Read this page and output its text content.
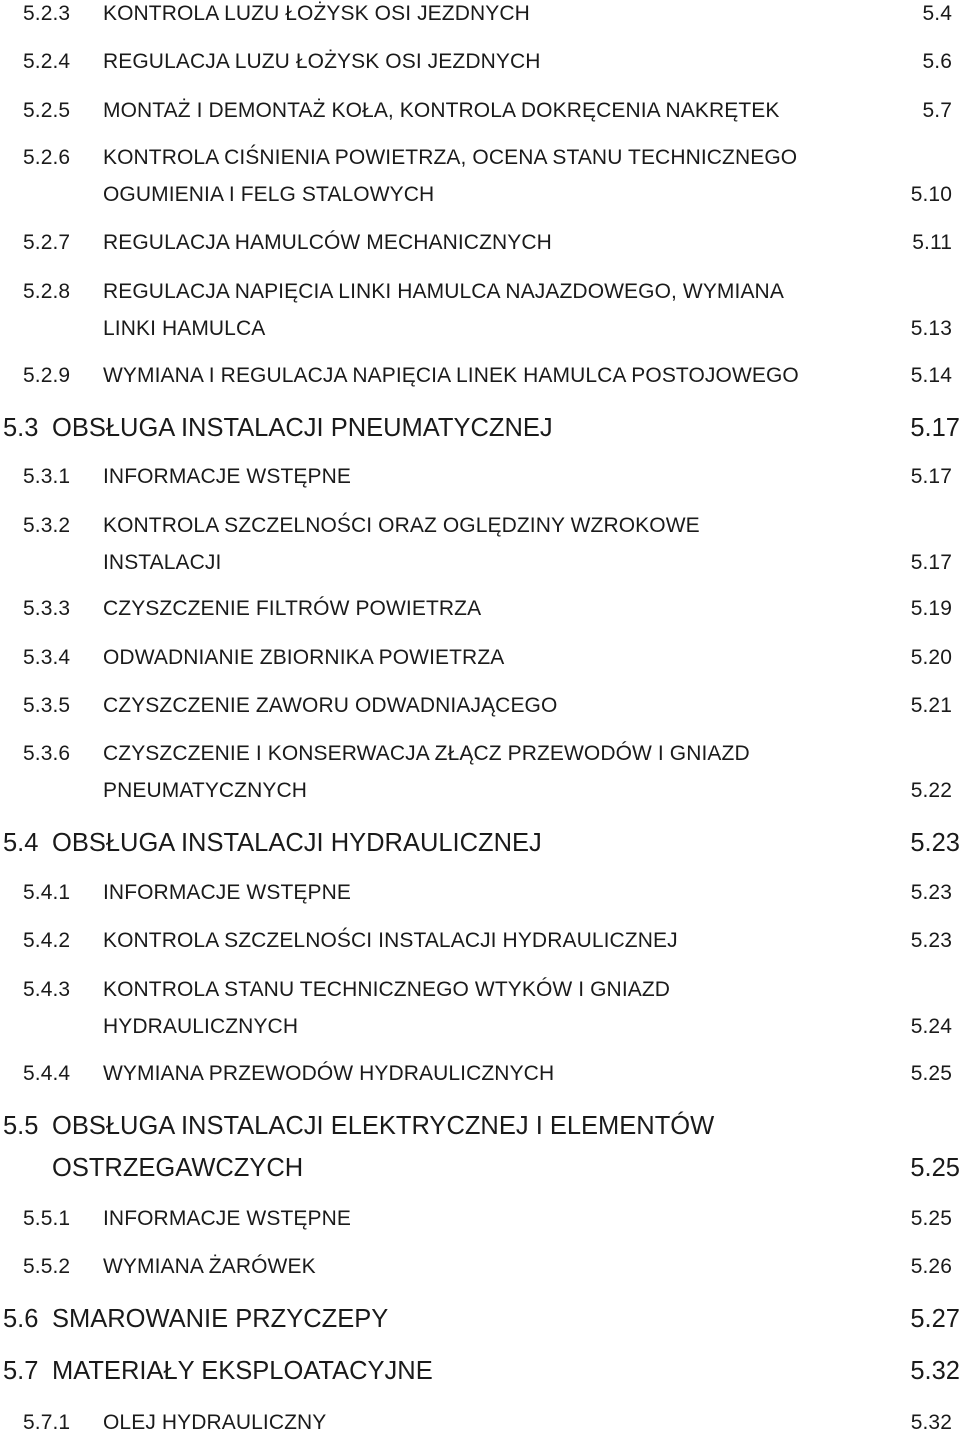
5.2.3 KONTROLA LUZU ŁOŻYSK OSI JEZDNYCH	5.4
5.2.4 REGULACJA LUZU ŁOŻYSK OSI JEZDNYCH	5.6
5.2.5 MONTAŻ I DEMONTAŻ KOŁA, KONTROLA DOKRĘCENIA NAKRĘTEK	5.7
5.2.6 KONTROLA CIŚNIENIA POWIETRZA, OCENA STANU TECHNICZNEGO
OGUMIENIA I FELG STALOWYCH	5.10
5.2.7 REGULACJA HAMULCÓW MECHANICZNYCH	5.11
5.2.8 REGULACJA NAPIĘCIA LINKI HAMULCA NAJAZDOWEGO, WYMIANA
LINKI HAMULCA	5.13
5.2.9 WYMIANA I REGULACJA NAPIĘCIA LINEK HAMULCA POSTOJOWEGO	5.14
5.3 OBSŁUGA INSTALACJI PNEUMATYCZNEJ	5.17
5.3.1 INFORMACJE WSTĘPNE	5.17
5.3.2 KONTROLA SZCZELNOŚCI ORAZ OGLĘDZINY WZROKOWE
INSTALACJI	5.17
5.3.3 CZYSZCZENIE FILTRÓW POWIETRZA	5.19
5.3.4 ODWADNIANIE ZBIORNIKA POWIETRZA	5.20
5.3.5 CZYSZCZENIE ZAWORU ODWADNIAJĄCEGO	5.21
5.3.6 CZYSZCZENIE I KONSERWACJA ZŁĄCZ PRZEWODÓW I GNIAZD
PNEUMATYCZNYCH	5.22
5.4 OBSŁUGA INSTALACJI HYDRAULICZNEJ	5.23
5.4.1 INFORMACJE WSTĘPNE	5.23
5.4.2 KONTROLA SZCZELNOŚCI INSTALACJI HYDRAULICZNEJ	5.23
5.4.3 KONTROLA STANU TECHNICZNEGO WTYKÓW I GNIAZD
HYDRAULICZNYCH	5.24
5.4.4 WYMIANA PRZEWODÓW HYDRAULICZNYCH	5.25
5.5 OBSŁUGA INSTALACJI ELEKTRYCZNEJ I ELEMENTÓW
OSTRZEGAWCZYCH	5.25
5.5.1 INFORMACJE WSTĘPNE	5.25
5.5.2 WYMIANA ŻARÓWEK	5.26
5.6 SMAROWANIE PRZYCZEPY	5.27
5.7 MATERIAŁY EKSPLOATACYJNE	5.32
5.7.1 OLEJ HYDRAULICZNY	5.32
